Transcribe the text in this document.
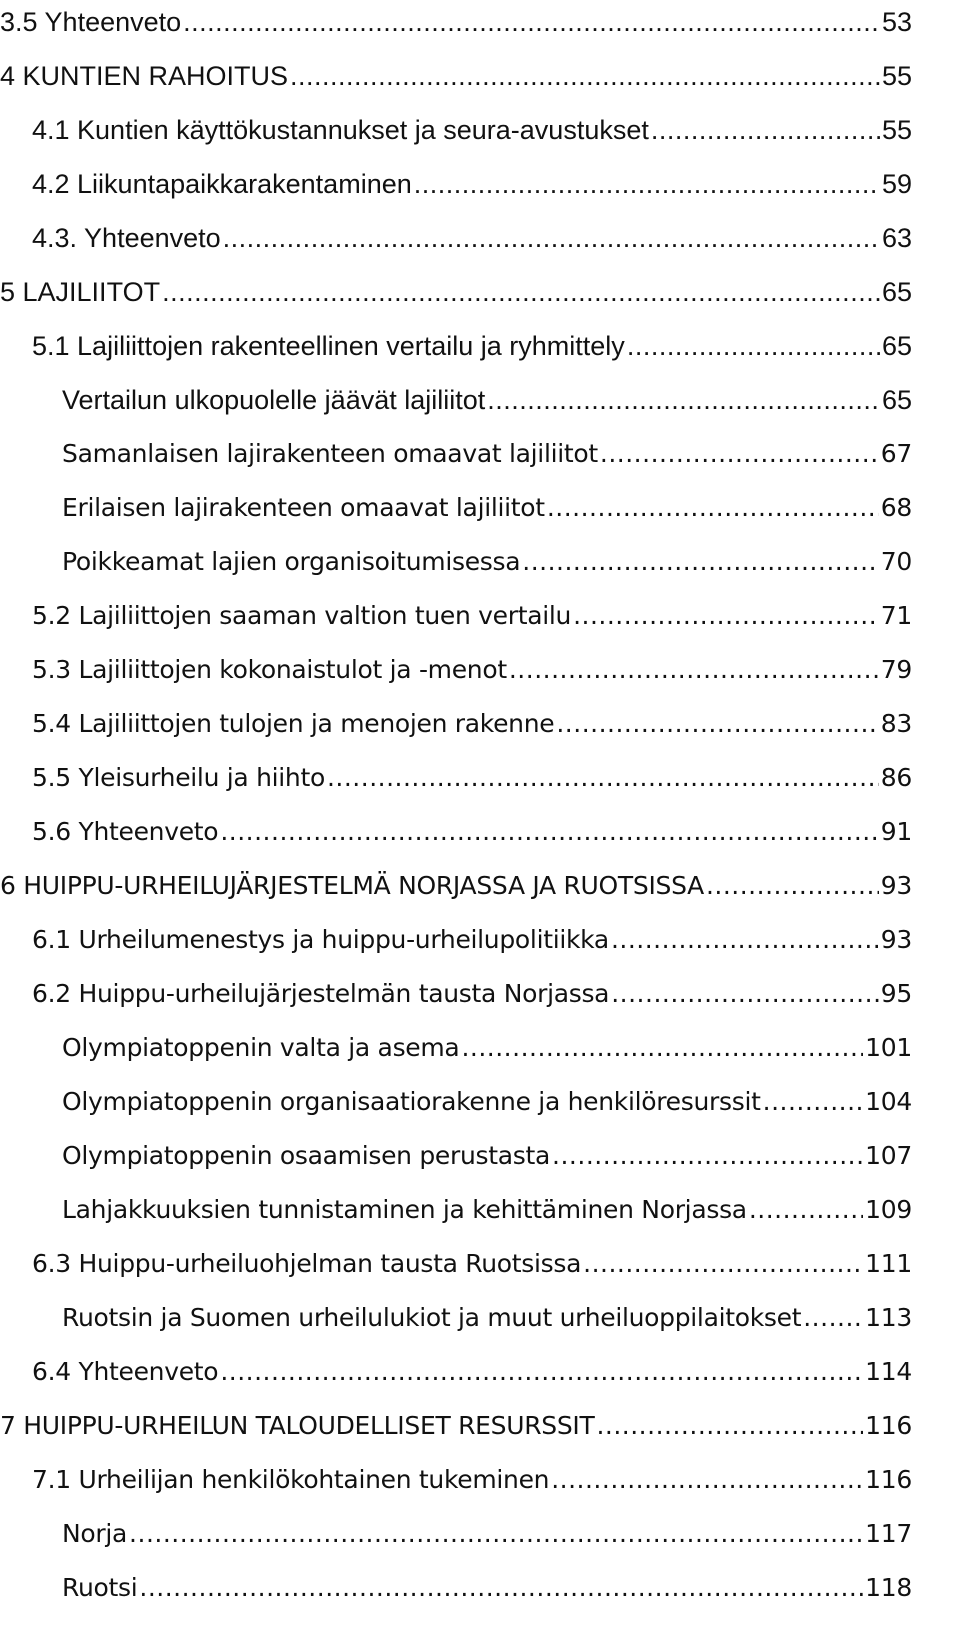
3.5 Yhteenveto .....	53
4 KUNTIEN RAHOITUS .....	55
4.1 Kuntien käyttökustannukset ja seura-avustukset .....	55
4.2 Liikuntapaikkarakentaminen .....	59
4.3. Yhteenveto .....	63
5 LAJILIITOT .....	65
5.1 Lajiliittojen rakenteellinen vertailu ja ryhmittely .....	65
Vertailun ulkopuolelle jäävät lajiliitot .....	65
Samanlaisen lajirakenteen omaavat lajiliitot .....	67
Erilaisen lajirakenteen omaavat lajiliitot .....	68
Poikkeamat lajien organisoitumisessa .....	70
5.2 Lajiliittojen saaman valtion tuen vertailu .....	71
5.3 Lajiliittojen kokonaistulot ja -menot .....	79
5.4 Lajiliittojen tulojen ja menojen rakenne .....	83
5.5 Yleisurheilu ja hiihto .....	86
5.6 Yhteenveto .....	91
6 HUIPPU-URHEILUJÄRJESTELMÄ NORJASSA JA RUOTSISSA .....	93
6.1 Urheilumenestys ja huippu-urheilupolitiikka .....	93
6.2 Huippu-urheilujärjestelmän tausta Norjassa .....	95
Olympiatoppenin valta ja asema .....	101
Olympiatoppenin organisaatiorakenne ja henkilöresurssit .....	104
Olympiatoppenin osaamisen perustasta .....	107
Lahjakkuuksien tunnistaminen ja kehittäminen Norjassa .....	109
6.3 Huippu-urheiluohjelman tausta Ruotsissa .....	111
Ruotsin ja Suomen urheilulukiot ja muut urheiluoppilaitokset .....	113
6.4 Yhteenveto .....	114
7 HUIPPU-URHEILUN TALOUDELLISET RESURSSIT .....	116
7.1 Urheilijan henkilökohtainen tukeminen .....	116
Norja .....	117
Ruotsi .....	118
